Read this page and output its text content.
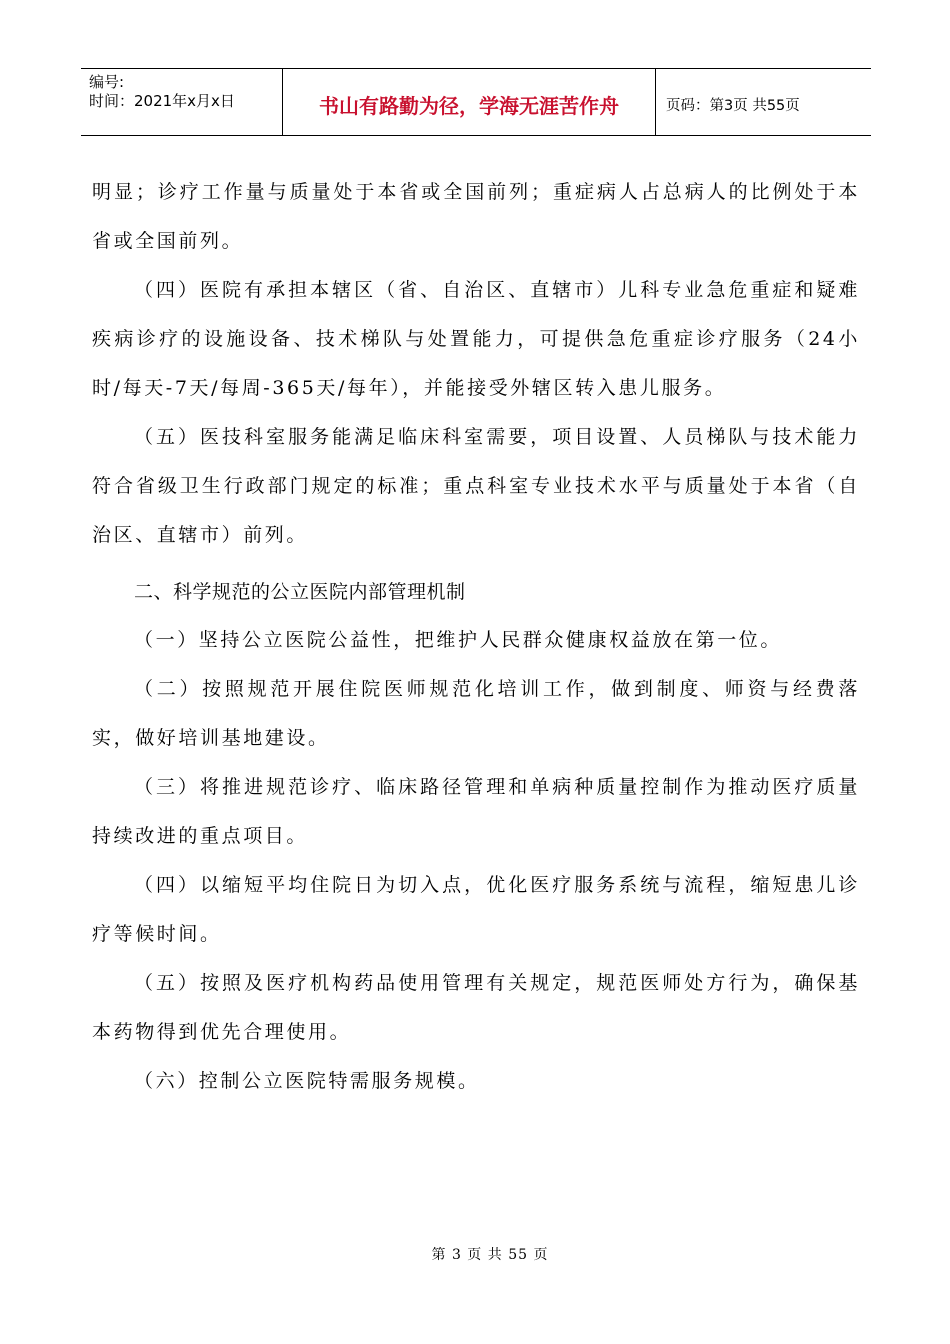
编号:
时间：2021年x月x日	书山有路勤为径，学海无涯苦作舟	页码：第3页 共55页

明显；诊疗工作量与质量处于本省或全国前列；重症病人占总病人的比例处于本省或全国前列。

（四）医院有承担本辖区（省、自治区、直辖市）儿科专业急危重症和疑难疾病诊疗的设施设备、技术梯队与处置能力，可提供急危重症诊疗服务（24小时/每天-7天/每周-365天/每年），并能接受外辖区转入患儿服务。

（五）医技科室服务能满足临床科室需要，项目设置、人员梯队与技术能力符合省级卫生行政部门规定的标准；重点科室专业技术水平与质量处于本省（自治区、直辖市）前列。

二、科学规范的公立医院内部管理机制

（一）坚持公立医院公益性，把维护人民群众健康权益放在第一位。

（二）按照规范开展住院医师规范化培训工作，做到制度、师资与经费落实，做好培训基地建设。

（三）将推进规范诊疗、临床路径管理和单病种质量控制作为推动医疗质量持续改进的重点项目。

（四）以缩短平均住院日为切入点，优化医疗服务系统与流程，缩短患儿诊疗等候时间。

（五）按照及医疗机构药品使用管理有关规定，规范医师处方行为，确保基本药物得到优先合理使用。

（六）控制公立医院特需服务规模。

第 3 页 共 55 页
